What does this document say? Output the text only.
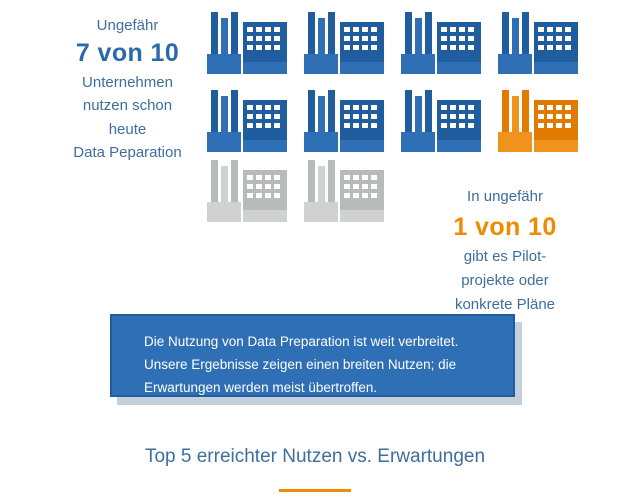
Ungefähr
7 von 10
Unternehmen
nutzen schon
heute
Data Peparation
In ungefähr
1 von 10
gibt es Pilot-
projekte oder
konkrete Pläne

Die Nutzung von Data Preparation ist weit verbreitet. Unsere Ergebnisse zeigen einen breiten Nutzen; die Erwartungen werden meist übertroffen.

Top 5 erreichter Nutzen vs. Erwartungen
